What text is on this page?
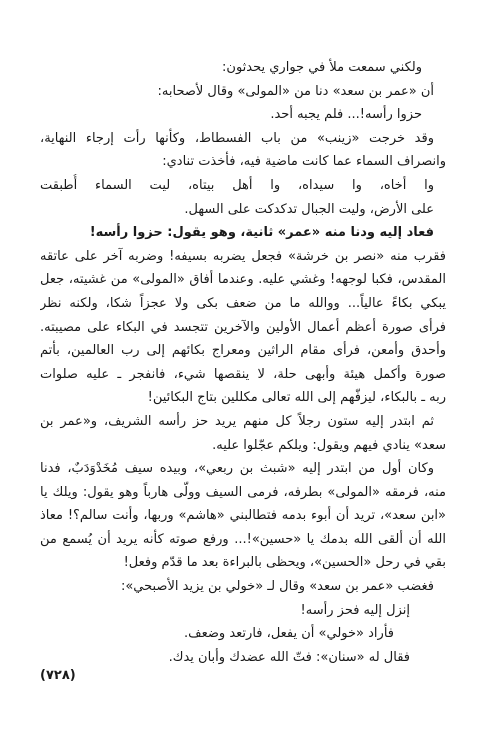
ولكني سمعت ملأ في جواري يحدثون:
أن «عمر بن سعد» دنا من «المولى» وقال لأصحابه:
حزوا رأسه!... فلم يجبه أحد.
وقد خرجت «زينب» من باب الفسطاط، وكأنها رأت إرجاء النهاية،
وانصراف السماء عما كانت ماضية فيه، فأخذت تنادي:
وا أخاه، وا سيداه، وا أهل بيتاه، ليت السماء أُطبقت
على الأرض، وليت الجبال تدكدكت على السهل.
فعاد إليه ودنا منه «عمر» ثانية، وهو يقول: حزوا رأسه!
فقرب منه «نصر بن خرشة» فجعل يضربه بسيفه! وضربه آخر على عاتقه
المقدس، فكبا لوجهه! وغشي عليه. وعندما أفاق «المولى» من غشيته، جعل
يبكي بكاءً عالياً... ووالله ما من ضعف بكى ولا عجزاً شكا، ولكنه نظر
فرأى صورة أعظم أعمال الأولين والآخرين تتجسد في البكاء على مصيبته.
وأحدق وأمعن، فرأى مقام الراثين ومعراج بكائهم إلى رب العالمين، بأتم
صورة وأكمل هيئة وأبهى حلة، لا ينقصها شيء، فانفجر ـ عليه صلوات
ربه ـ بالبكاء، ليزفّهم إلى الله تعالى مكللين بتاج البكائين!
ثم ابتدر إليه ستون رجلاً كل منهم يريد حز رأسه الشريف، و«عمر بن
سعد» ينادي فيهم ويقول: ويلكم عجّلوا عليه.
وكان أول من ابتدر إليه «شبث بن ربعي»، وبيده سيف مُخَدْوَدَبٌ، فدنا
منه، فرمقه «المولى» بطرفه، فرمى السيف وولّى هارباً وهو يقول: ويلك يا
«ابن سعد»، تريد أن أبوء بدمه فتطالبني «هاشم» وربها، وأنت سالم؟! معاذ
الله أن ألقى الله بدمك يا «حسين»!... ورفع صوته كأنه يريد أن يُسمع من
بقي في رحل «الحسين»، ويحظى بالبراءة بعد ما قدّم وفعل!
فغضب «عمر بن سعد» وقال لـ «خولي بن يزيد الأصبحي»:
إنزل إليه فحز رأسه!
فأراد «خولي» أن يفعل، فارتعد وضعف.
فقال له «سنان»: فتّ الله عضدك وأبان يدك.
(٧٢٨)
